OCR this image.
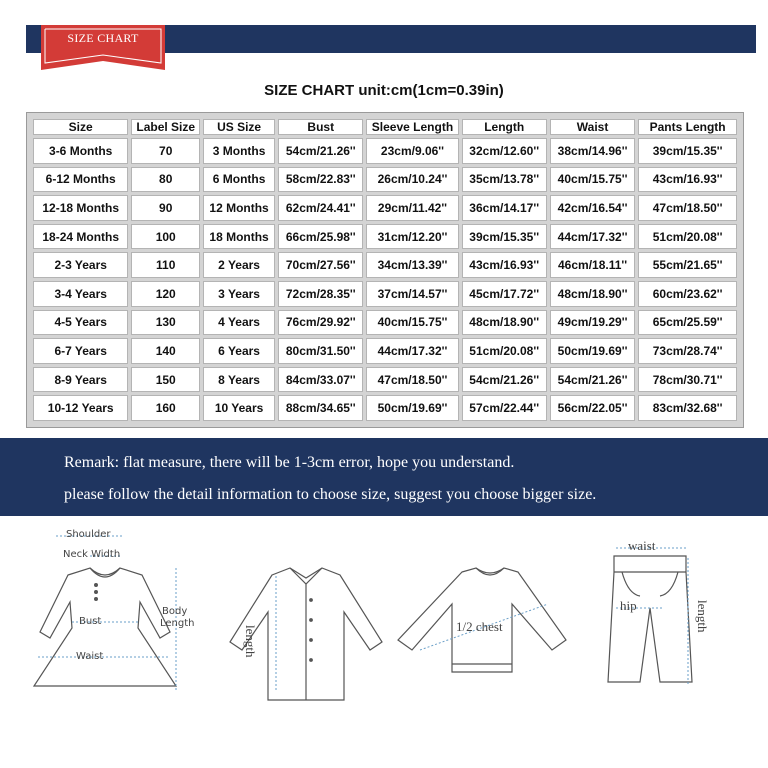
SIZE CHART
SIZE CHART unit:cm(1cm=0.39in)
Size	Label Size	US Size	Bust	Sleeve Length	Length	Waist	Pants Length
3-6 Months	70	3 Months	54cm/21.26''	23cm/9.06''	32cm/12.60''	38cm/14.96''	39cm/15.35''
6-12 Months	80	6 Months	58cm/22.83''	26cm/10.24''	35cm/13.78''	40cm/15.75''	43cm/16.93''
12-18 Months	90	12 Months	62cm/24.41''	29cm/11.42''	36cm/14.17''	42cm/16.54''	47cm/18.50''
18-24 Months	100	18 Months	66cm/25.98''	31cm/12.20''	39cm/15.35''	44cm/17.32''	51cm/20.08''
2-3 Years	110	2 Years	70cm/27.56''	34cm/13.39''	43cm/16.93''	46cm/18.11''	55cm/21.65''
3-4 Years	120	3 Years	72cm/28.35''	37cm/14.57''	45cm/17.72''	48cm/18.90''	60cm/23.62''
4-5 Years	130	4 Years	76cm/29.92''	40cm/15.75''	48cm/18.90''	49cm/19.29''	65cm/25.59''
6-7 Years	140	6 Years	80cm/31.50''	44cm/17.32''	51cm/20.08''	50cm/19.69''	73cm/28.74''
8-9 Years	150	8 Years	84cm/33.07''	47cm/18.50''	54cm/21.26''	54cm/21.26''	78cm/30.71''
10-12 Years	160	10 Years	88cm/34.65''	50cm/19.69''	57cm/22.44''	56cm/22.05''	83cm/32.68''
Remark: flat measure, there will be 1-3cm error, hope you understand.
please follow the detail information to choose size, suggest you choose bigger size.
Shoulder
Neck Width
Bust
Waist
Body
Length
length	1/2 chest
waist
hip	length
